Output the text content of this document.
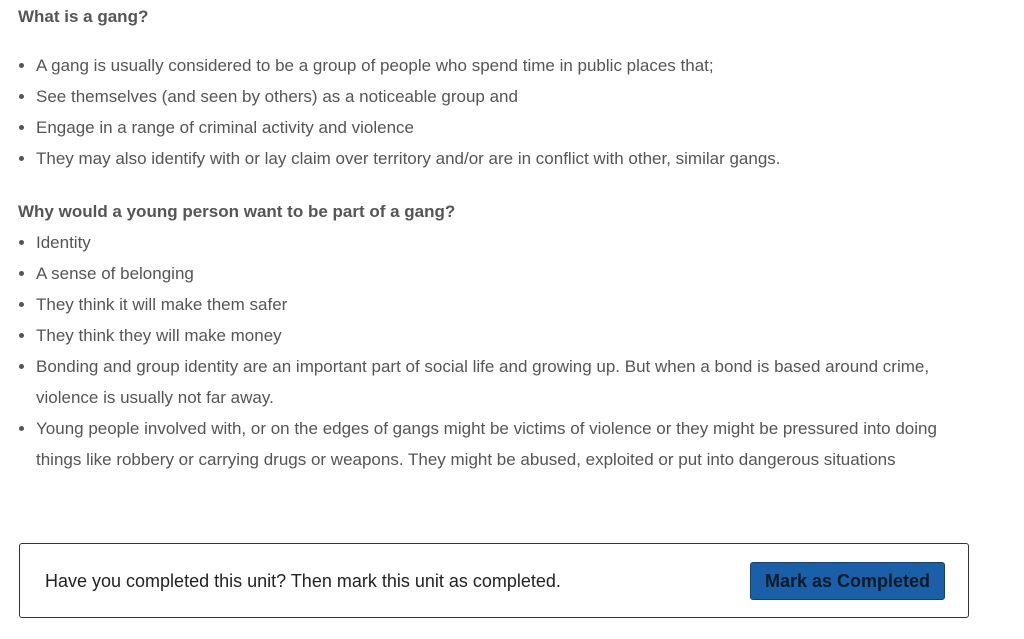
What is a gang?
A gang is usually considered to be a group of people who spend time in public places that;
See themselves (and seen by others) as a noticeable group and
Engage in a range of criminal activity and violence
They may also identify with or lay claim over territory and/or are in conflict with other, similar gangs.
Why would a young person want to be part of a gang?
Identity
A sense of belonging
They think it will make them safer
They think they will make money
Bonding and group identity are an important part of social life and growing up. But when a bond is based around crime, violence is usually not far away.
Young people involved with, or on the edges of gangs might be victims of violence or they might be pressured into doing things like robbery or carrying drugs or weapons. They might be abused, exploited or put into dangerous situations
Have you completed this unit? Then mark this unit as completed.	Mark as Completed
